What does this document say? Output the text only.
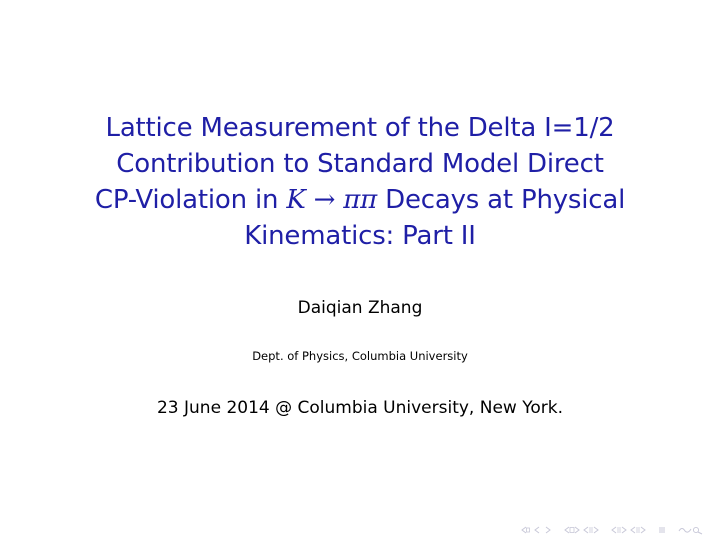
Lattice Measurement of the Delta I=1/2
Contribution to Standard Model Direct
CP-Violation in K → ππ Decays at Physical
Kinematics: Part II
Daiqian Zhang
Dept. of Physics, Columbia University
23 June 2014 @ Columbia University, New York.
